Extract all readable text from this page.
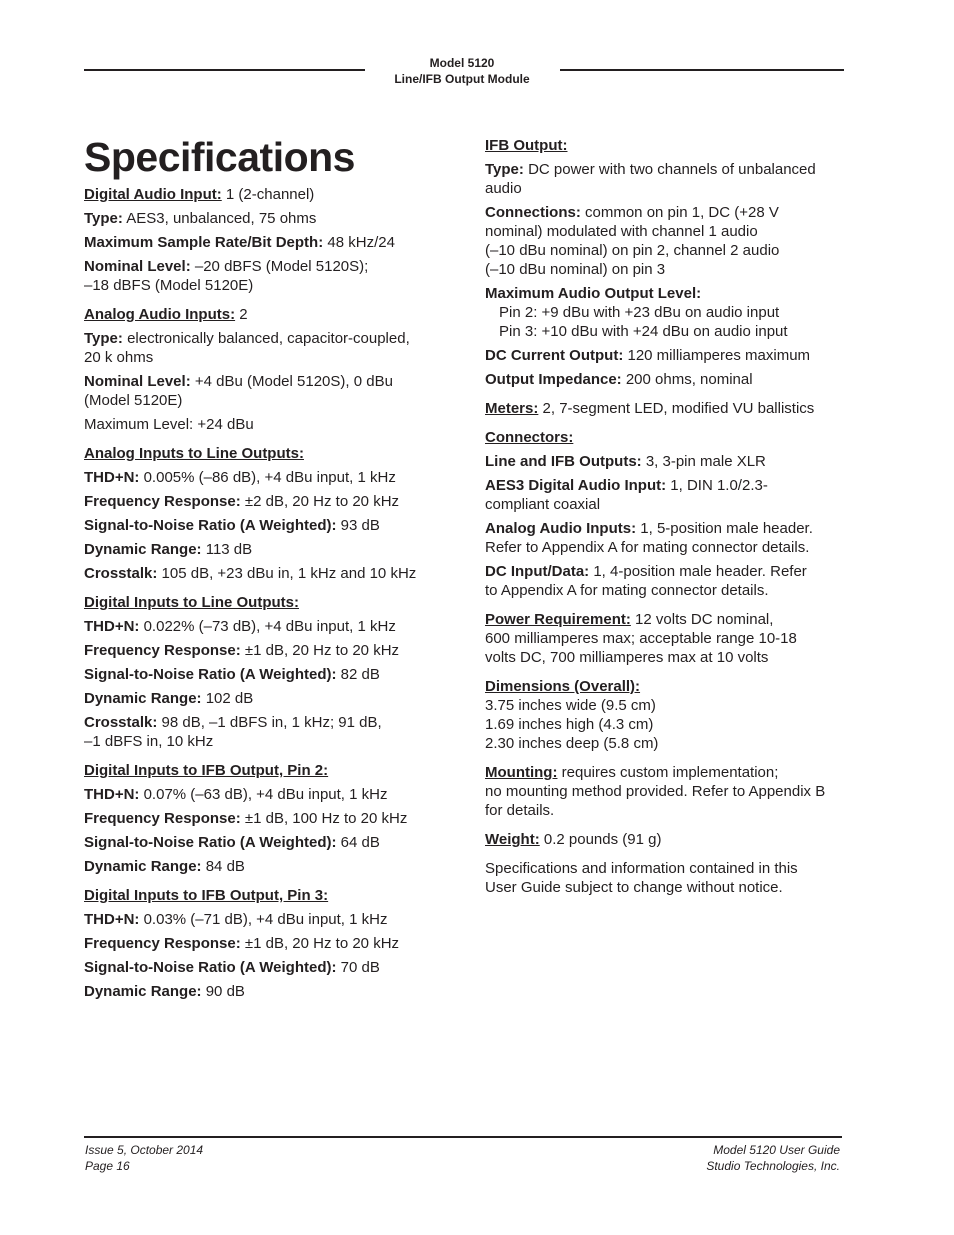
Model 5120
Line/IFB Output Module
Specifications

Digital Audio Input: 1 (2-channel)

Type: AES3, unbalanced, 75 ohms

Maximum Sample Rate/Bit Depth: 48 kHz/24

Nominal Level: –20 dBFS (Model 5120S);
–18 dBFS (Model 5120E)

Analog Audio Inputs: 2

Type: electronically balanced, capacitor-coupled,
20 k ohms

Nominal Level: +4 dBu (Model 5120S), 0 dBu
(Model 5120E)

Maximum Level: +24 dBu

Analog Inputs to Line Outputs:

THD+N: 0.005% (–86 dB), +4 dBu input, 1 kHz

Frequency Response: ±2 dB, 20 Hz to 20 kHz

Signal-to-Noise Ratio (A Weighted): 93 dB

Dynamic Range: 113 dB

Crosstalk: 105 dB, +23 dBu in, 1 kHz and 10 kHz

Digital Inputs to Line Outputs:

THD+N: 0.022% (–73 dB), +4 dBu input, 1 kHz

Frequency Response: ±1 dB, 20 Hz to 20 kHz

Signal-to-Noise Ratio (A Weighted): 82 dB

Dynamic Range: 102 dB

Crosstalk: 98 dB, –1 dBFS in, 1 kHz; 91 dB,
–1 dBFS in, 10 kHz

Digital Inputs to IFB Output, Pin 2:

THD+N: 0.07% (–63 dB), +4 dBu input, 1 kHz

Frequency Response: ±1 dB, 100 Hz to 20 kHz

Signal-to-Noise Ratio (A Weighted): 64 dB

Dynamic Range: 84 dB

Digital Inputs to IFB Output, Pin 3:

THD+N: 0.03% (–71 dB), +4 dBu input, 1 kHz

Frequency Response: ±1 dB, 20 Hz to 20 kHz

Signal-to-Noise Ratio (A Weighted): 70 dB

Dynamic Range: 90 dB

IFB Output:

Type: DC power with two channels of unbalanced
audio

Connections: common on pin 1, DC (+28 V
nominal) modulated with channel 1 audio
(–10 dBu nominal) on pin 2, channel 2 audio
(–10 dBu nominal) on pin 3

Maximum Audio Output Level:
Pin 2: +9 dBu with +23 dBu on audio input
Pin 3: +10 dBu with +24 dBu on audio input

DC Current Output: 120 milliamperes maximum

Output Impedance: 200 ohms, nominal

Meters: 2, 7-segment LED, modified VU ballistics

Connectors:

Line and IFB Outputs: 3, 3-pin male XLR

AES3 Digital Audio Input: 1, DIN 1.0/2.3-
compliant coaxial

Analog Audio Inputs: 1, 5-position male header.
Refer to Appendix A for mating connector details.

DC Input/Data: 1, 4-position male header. Refer
to Appendix A for mating connector details.

Power Requirement: 12 volts DC nominal,
600 milliamperes max; acceptable range 10-18
volts DC, 700 milliamperes max at 10 volts

Dimensions (Overall):
3.75 inches wide (9.5 cm)
1.69 inches high (4.3 cm)
2.30 inches deep (5.8 cm)

Mounting: requires custom implementation;
no mounting method provided. Refer to Appendix B
for details.

Weight: 0.2 pounds (91 g)

Specifications and information contained in this
User Guide subject to change without notice.

Issue 5, October 2014
Page 16
Model 5120 User Guide
Studio Technologies, Inc.
